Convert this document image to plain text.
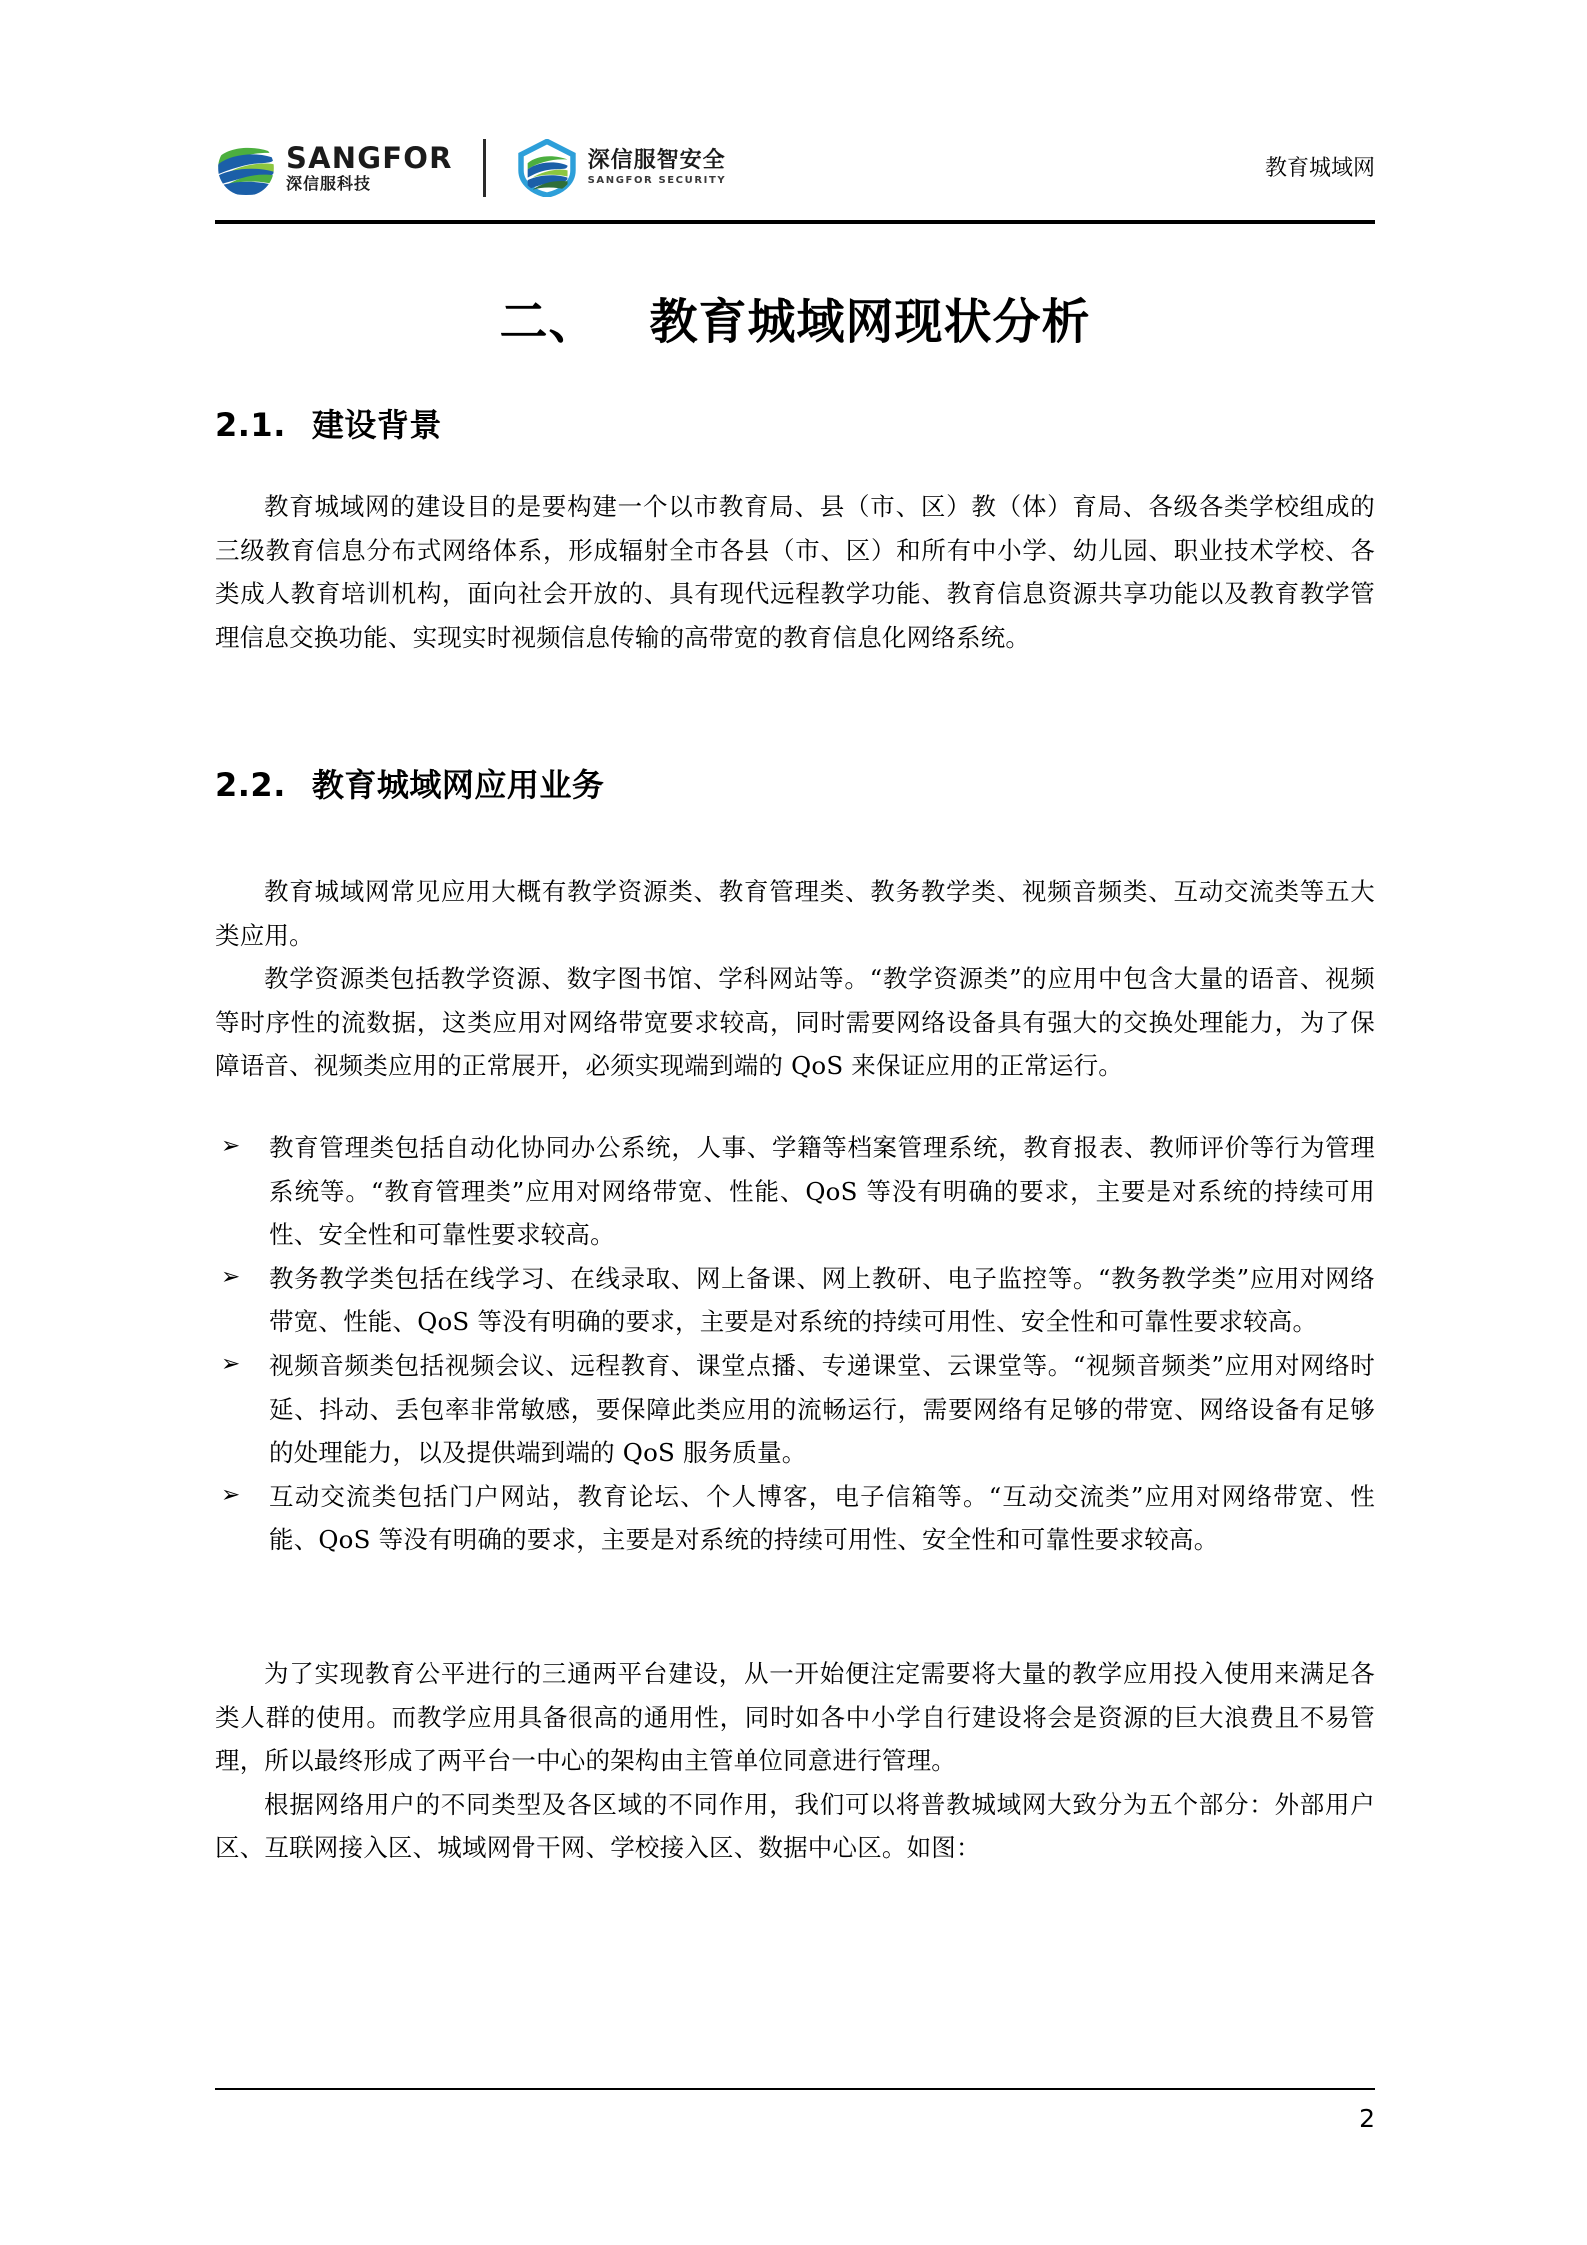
SANGFOR
深信服科技
深信服智安全
SANGFOR SECURITY	教育城域网
二、 教育城域网现状分析
2.1. 建设背景

教育城域网的建设目的是要构建一个以市教育局、县（市、区）教（体）育局、各级各类学校组成的三级教育信息分布式网络体系，形成辐射全市各县（市、区）和所有中小学、幼儿园、职业技术学校、各类成人教育培训机构，面向社会开放的、具有现代远程教学功能、教育信息资源共享功能以及教育教学管理信息交换功能、实现实时视频信息传输的高带宽的教育信息化网络系统。

2.2. 教育城域网应用业务

教育城域网常见应用大概有教学资源类、教育管理类、教务教学类、视频音频类、互动交流类等五大类应用。

教学资源类包括教学资源、数字图书馆、学科网站等。“教学资源类”的应用中包含大量的语音、视频等时序性的流数据，这类应用对网络带宽要求较高，同时需要网络设备具有强大的交换处理能力，为了保障语音、视频类应用的正常展开，必须实现端到端的 QoS 来保证应用的正常运行。

➢ 教育管理类包括自动化协同办公系统，人事、学籍等档案管理系统，教育报表、教师评价等行为管理系统等。“教育管理类”应用对网络带宽、性能、QoS 等没有明确的要求，主要是对系统的持续可用性、安全性和可靠性要求较高。
➢ 教务教学类包括在线学习、在线录取、网上备课、网上教研、电子监控等。“教务教学类”应用对网络带宽、性能、QoS 等没有明确的要求，主要是对系统的持续可用性、安全性和可靠性要求较高。
➢ 视频音频类包括视频会议、远程教育、课堂点播、专递课堂、云课堂等。“视频音频类”应用对网络时延、抖动、丢包率非常敏感，要保障此类应用的流畅运行，需要网络有足够的带宽、网络设备有足够的处理能力，以及提供端到端的 QoS 服务质量。
➢ 互动交流类包括门户网站，教育论坛、个人博客，电子信箱等。“互动交流类”应用对网络带宽、性能、QoS 等没有明确的要求，主要是对系统的持续可用性、安全性和可靠性要求较高。

为了实现教育公平进行的三通两平台建设，从一开始便注定需要将大量的教学应用投入使用来满足各类人群的使用。而教学应用具备很高的通用性，同时如各中小学自行建设将会是资源的巨大浪费且不易管理，所以最终形成了两平台一中心的架构由主管单位同意进行管理。

根据网络用户的不同类型及各区域的不同作用，我们可以将普教城域网大致分为五个部分：外部用户区、互联网接入区、城域网骨干网、学校接入区、数据中心区。如图：

2
